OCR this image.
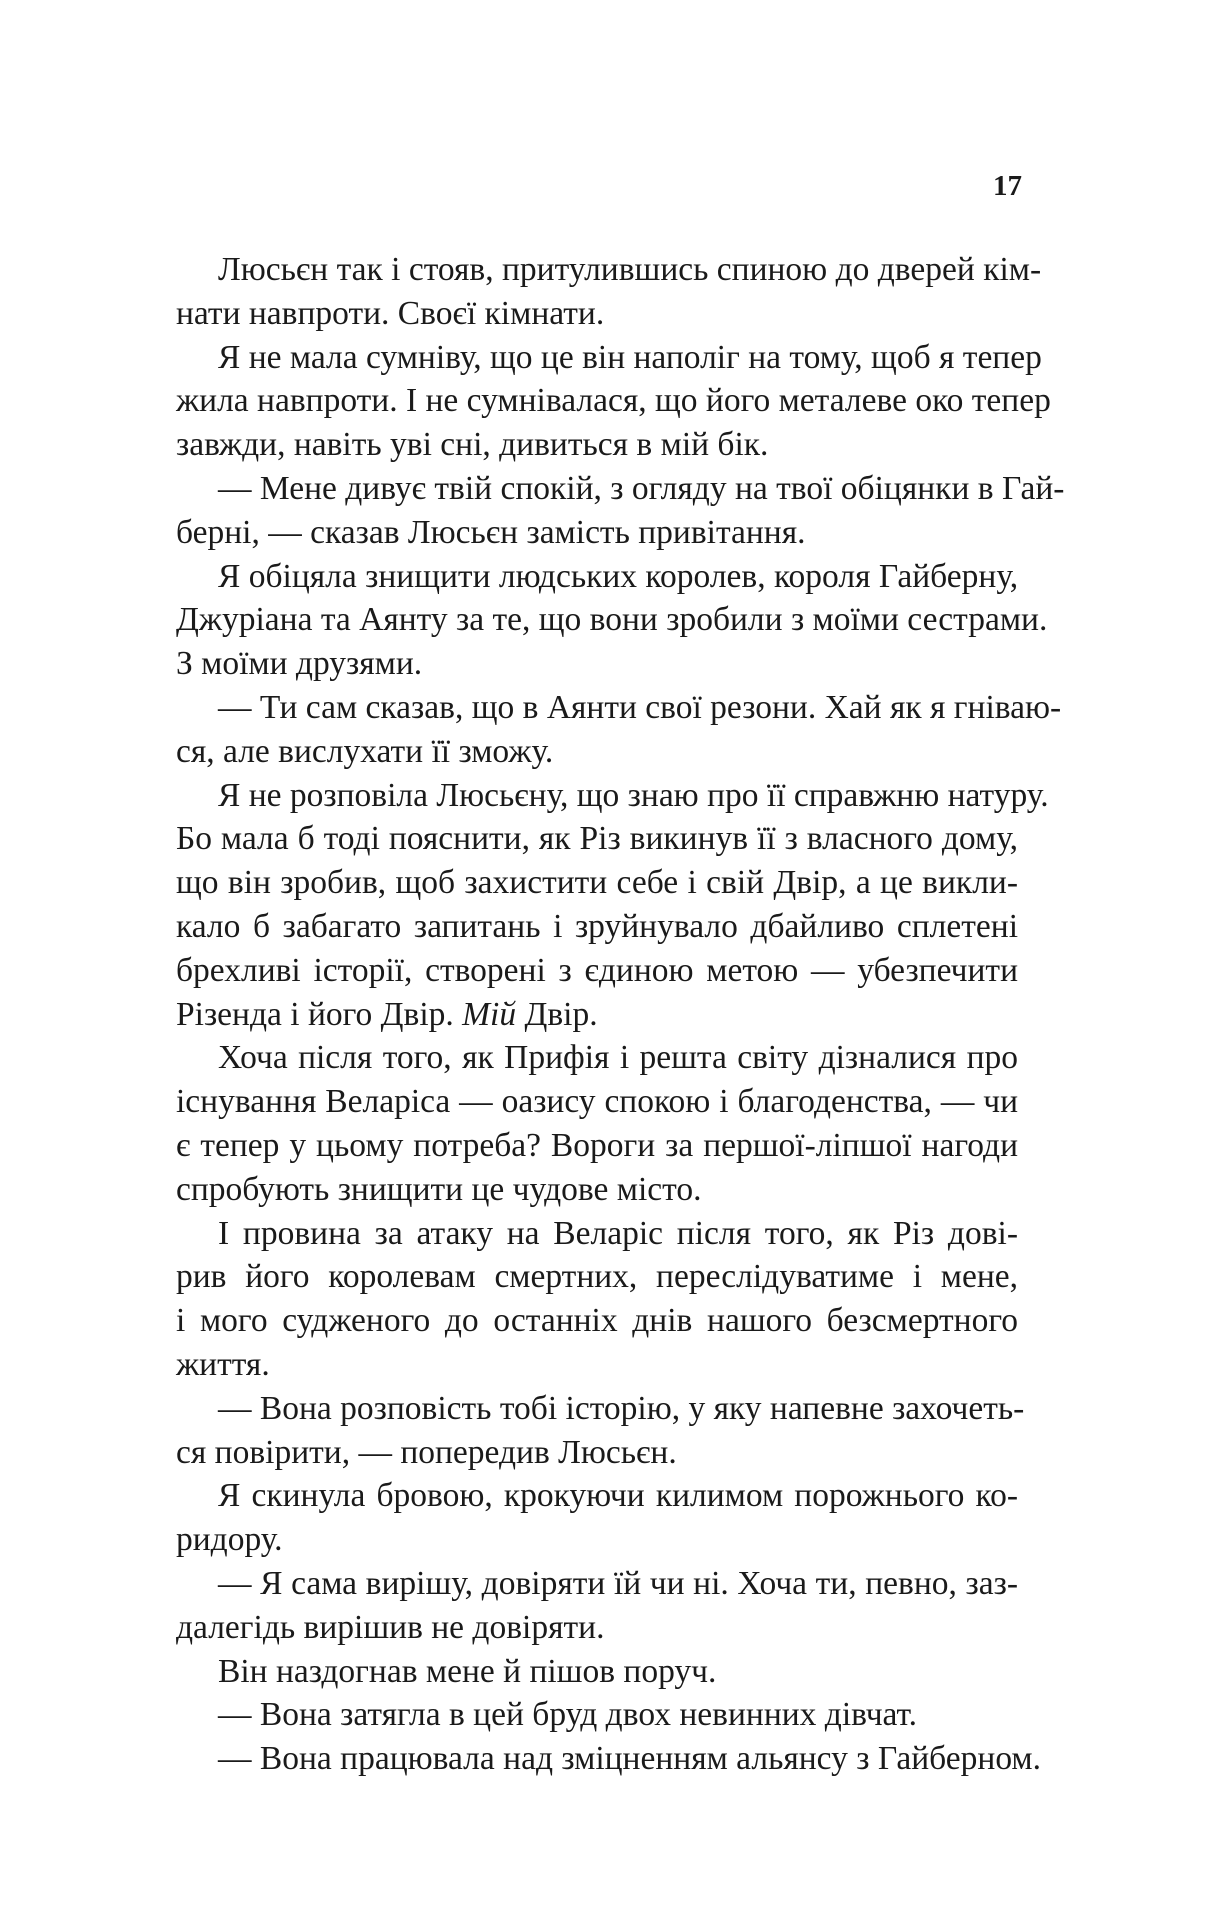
17
Люсьєн так і стояв, притулившись спиною до дверей кім-
нати навпроти. Своєї кімнати.
Я не мала сумніву, що це він наполіг на тому, щоб я тепер
жила навпроти. І не сумнівалася, що його металеве око тепер
завжди, навіть уві сні, дивиться в мій бік.
— Мене дивує твій спокій, з огляду на твої обіцянки в Гай-
берні, — сказав Люсьєн замість привітання.
Я обіцяла знищити людських королев, короля Гайберну,
Джуріана та Аянту за те, що вони зробили з моїми сестрами.
З моїми друзями.
— Ти сам сказав, що в Аянти свої резони. Хай як я гніваю-
ся, але вислухати її зможу.
Я не розповіла Люсьєну, що знаю про її справжню натуру.
Бо мала б тоді пояснити, як Різ викинув її з власного дому,
що він зробив, щоб захистити себе і свій Двір, а це викли-
кало б забагато запитань і зруйнувало дбайливо сплетені
брехливі історії, створені з єдиною метою — убезпечити
Різенда і його Двір. Мій Двір.
Хоча після того, як Прифія і решта світу дізналися про
існування Веларіса — оазису спокою і благоденства, — чи
є тепер у цьому потреба? Вороги за першої-ліпшої нагоди
спробують знищити це чудове місто.
І провина за атаку на Веларіс після того, як Різ дові-
рив його королевам смертних, переслідуватиме і мене,
і мого судженого до останніх днів нашого безсмертного
життя.
— Вона розповість тобі історію, у яку напевне захочеть-
ся повірити, — попередив Люсьєн.
Я скинула бровою, крокуючи килимом порожнього ко-
ридору.
— Я сама вирішу, довіряти їй чи ні. Хоча ти, певно, заз-
далегідь вирішив не довіряти.
Він наздогнав мене й пішов поруч.
— Вона затягла в цей бруд двох невинних дівчат.
— Вона працювала над зміцненням альянсу з Гайберном.
